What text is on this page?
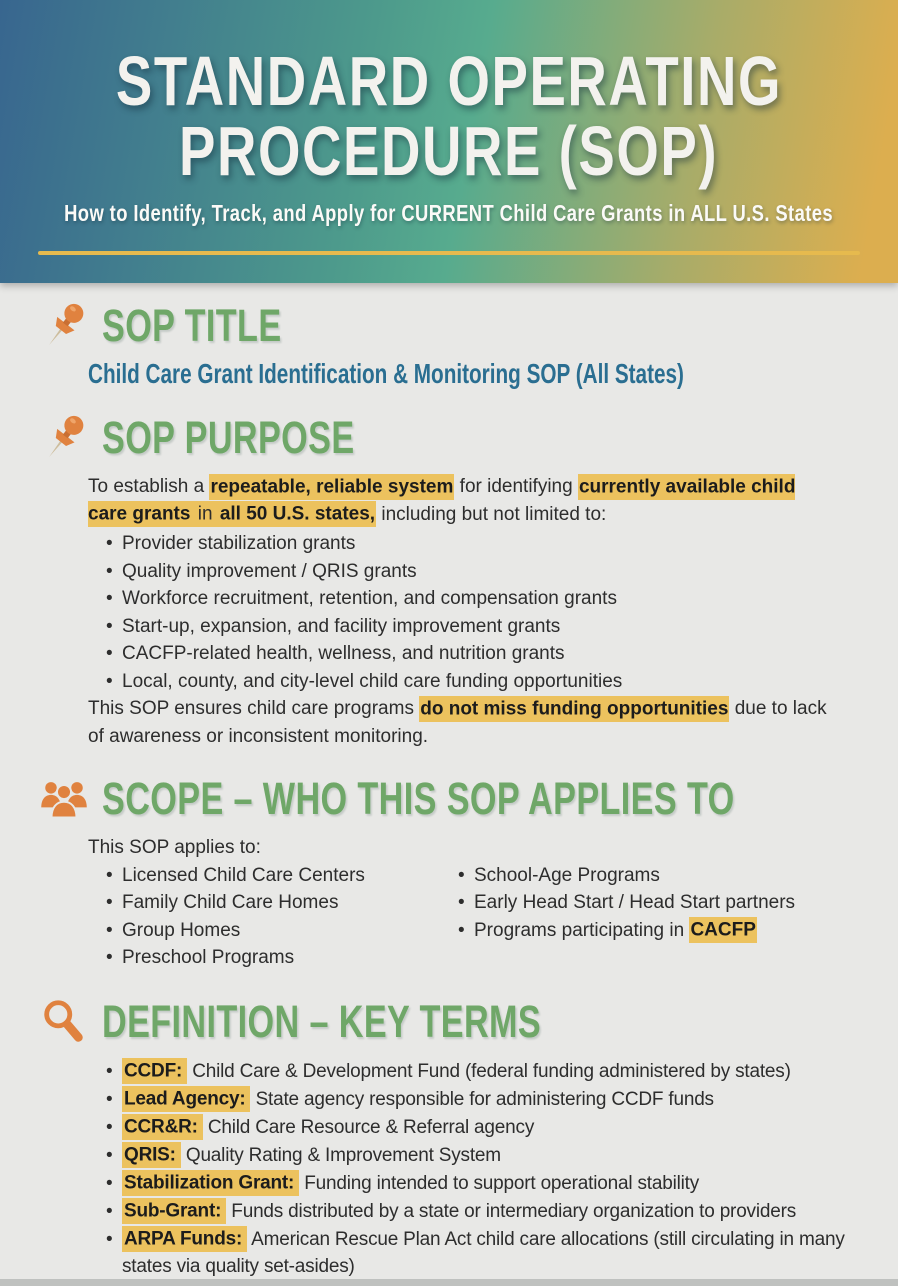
STANDARD OPERATING
PROCEDURE (SOP)
How to Identify, Track, and Apply for CURRENT Child Care Grants in ALL U.S. States
SOP TITLE
Child Care Grant Identification & Monitoring SOP (All States)
SOP PURPOSE
To establish a repeatable, reliable system for identifying currently available child care grants in all 50 U.S. states, including but not limited to:
• Provider stabilization grants
• Quality improvement / QRIS grants
• Workforce recruitment, retention, and compensation grants
• Start-up, expansion, and facility improvement grants
• CACFP-related health, wellness, and nutrition grants
• Local, county, and city-level child care funding opportunities
This SOP ensures child care programs do not miss funding opportunities due to lack of awareness or inconsistent monitoring.
SCOPE – WHO THIS SOP APPLIES TO
This SOP applies to:
• Licensed Child Care Centers
• Family Child Care Homes
• Group Homes
• Preschool Programs
• School-Age Programs
• Early Head Start / Head Start partners
• Programs participating in CACFP
DEFINITION – KEY TERMS
• CCDF: Child Care & Development Fund (federal funding administered by states)
• Lead Agency: State agency responsible for administering CCDF funds
• CCR&R: Child Care Resource & Referral agency
• QRIS: Quality Rating & Improvement System
• Stabilization Grant: Funding intended to support operational stability
• Sub-Grant: Funds distributed by a state or intermediary organization to providers
• ARPA Funds: American Rescue Plan Act child care allocations (still circulating in many states via quality set-asides)
